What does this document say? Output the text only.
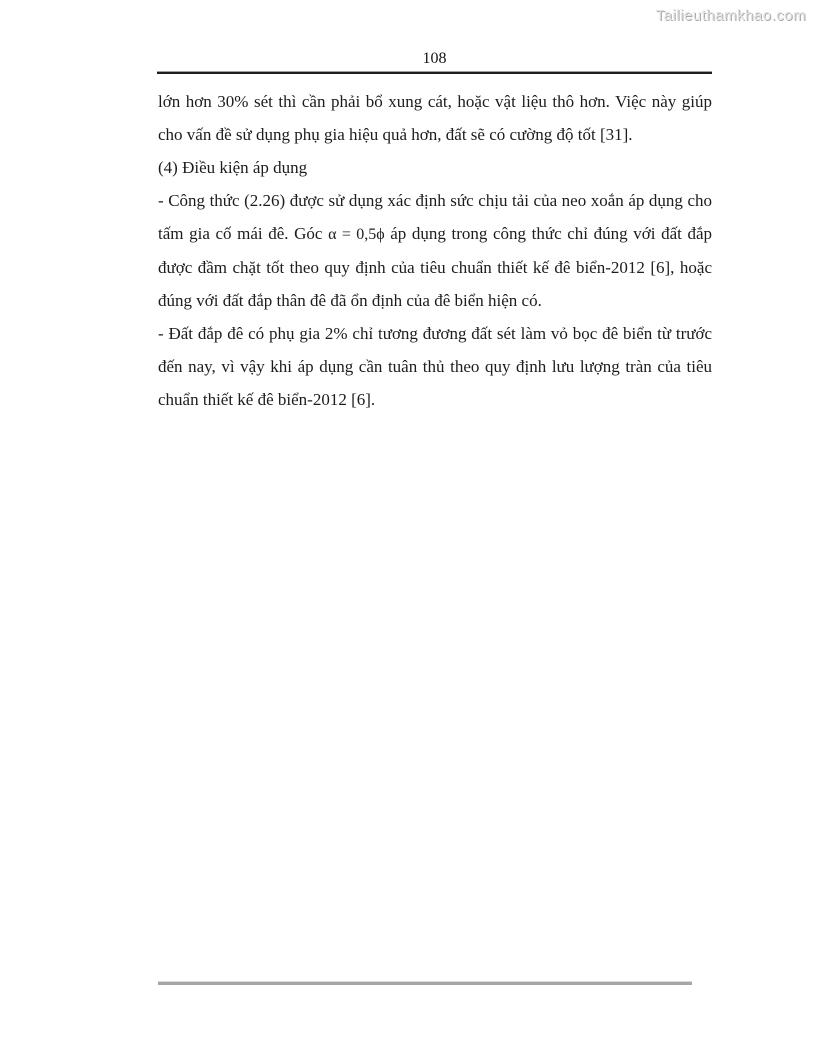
Tailieuthamkhao.com
108

lớn hơn 30% sét thì cần phải bổ xung cát, hoặc vật liệu thô hơn. Việc này giúp cho vấn đề sử dụng phụ gia hiệu quả hơn, đất sẽ có cường độ tốt [31].

(4) Điều kiện áp dụng

- Công thức (2.26) được sử dụng xác định sức chịu tải của neo xoắn áp dụng cho tấm gia cố mái đê. Góc α = 0,5ϕ áp dụng trong công thức chỉ đúng với đất đắp được đầm chặt tốt theo quy định của tiêu chuẩn thiết kế đê biển-2012 [6], hoặc đúng với đất đắp thân đê đã ổn định của đê biển hiện có.

- Đất đắp đê có phụ gia 2% chỉ tương đương đất sét làm vỏ bọc đê biển từ trước đến nay, vì vậy khi áp dụng cần tuân thủ theo quy định lưu lượng tràn của tiêu chuẩn thiết kế đê biển-2012 [6].
